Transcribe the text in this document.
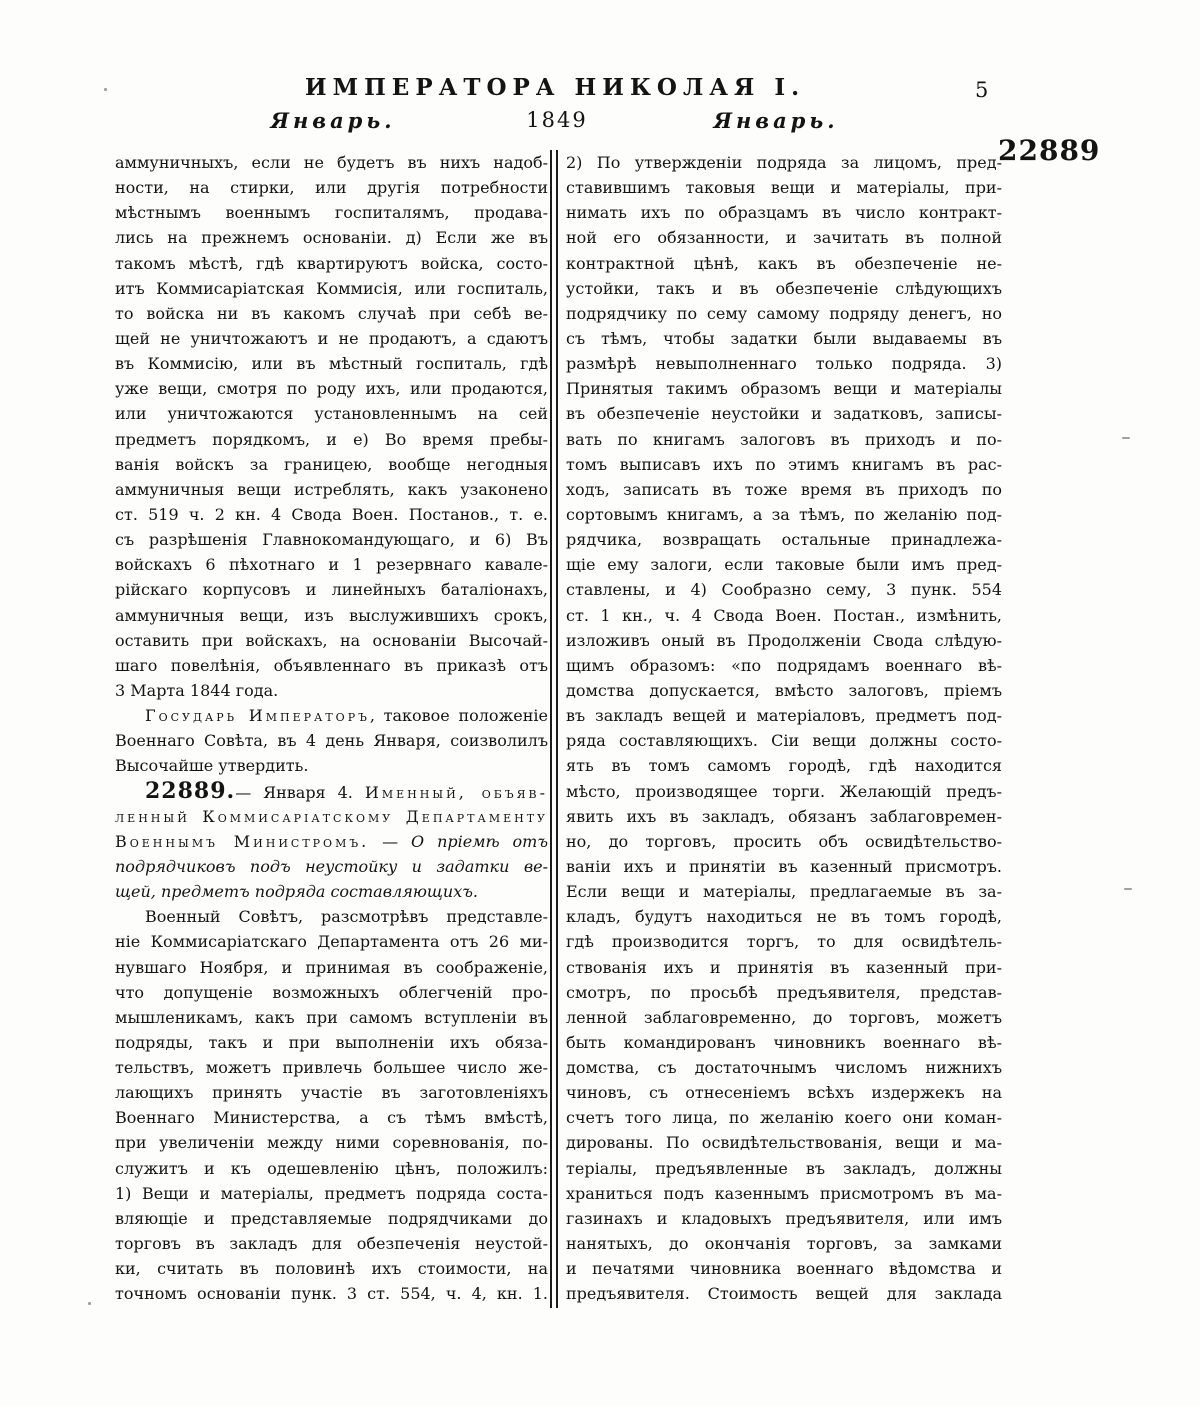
ИМПЕРАТОРА НИКОЛАЯ I.	5
Январь.	1849	Январь.
22889
аммуничныхъ, если не будетъ въ нихъ надоб-
ности, на стирки, или другія потребности
мѣстнымъ военнымъ госпиталямъ, продава-
лись на прежнемъ основаніи. д) Если же въ
такомъ мѣстѣ, гдѣ квартируютъ войска, состо-
итъ Коммисаріатская Коммисія, или госпиталь,
то войска ни въ какомъ случаѣ при себѣ ве-
щей не уничтожаютъ и не продаютъ, а сдаютъ
въ Коммисію, или въ мѣстный госпиталь, гдѣ
уже вещи, смотря по роду ихъ, или продаются,
или уничтожаются установленнымъ на сей
предметъ порядкомъ, и е) Во время пребы-
ванія войскъ за границею, вообще негодныя
аммуничныя вещи истреблять, какъ узаконено
ст. 519 ч. 2 кн. 4 Свода Воен. Постанов., т. е.
съ разрѣшенія Главнокомандующаго, и 6) Въ
войскахъ 6 пѣхотнаго и 1 резервнаго кавале-
рійскаго корпусовъ и линейныхъ баталіонахъ,
аммуничныя вещи, изъ выслужившихъ срокъ,
оставить при войскахъ, на основаніи Высочай-
шаго повелѣнія, объявленнаго въ приказѣ отъ
3 Марта 1844 года.
Государь Императоръ, таковое положеніе
Военнаго Совѣта, въ 4 день Января, соизволилъ
Высочайше утвердить.
22889.— Января 4. Именный, объяв-
ленный Коммисаріатскому Департаменту
Военнымъ Министромъ. — О пріемѣ отъ
подрядчиковъ подъ неустойку и задатки ве-
щей, предметъ подряда составляющихъ.
Военный Совѣтъ, разсмотрѣвъ представле-
ніе Коммисаріатскаго Департамента отъ 26 ми-
нувшаго Ноября, и принимая въ соображеніе,
что допущеніе возможныхъ облегченій про-
мышленикамъ, какъ при самомъ вступленіи въ
подряды, такъ и при выполненіи ихъ обяза-
тельствъ, можетъ привлечь большее число же-
лающихъ принять участіе въ заготовленіяхъ
Военнаго Министерства, а съ тѣмъ вмѣстѣ,
при увеличеніи между ними соревнованія, по-
служитъ и къ одешевленію цѣнъ, положилъ:
1) Вещи и матеріалы, предметъ подряда соста-
вляющіе и представляемые подрядчиками до
торговъ въ закладъ для обезпеченія неустой-
ки, считать въ половинѣ ихъ стоимости, на
точномъ основаніи пунк. 3 ст. 554, ч. 4, кн. 1.
2) По утвержденіи подряда за лицомъ, пред-
ставившимъ таковыя вещи и матеріалы, при-
нимать ихъ по образцамъ въ число контракт-
ной его обязанности, и зачитать въ полной
контрактной цѣнѣ, какъ въ обезпеченіе не-
устойки, такъ и въ обезпеченіе слѣдующихъ
подрядчику по сему самому подряду денегъ, но
съ тѣмъ, чтобы задатки были выдаваемы въ
размѣрѣ невыполненнаго только подряда. 3)
Принятыя такимъ образомъ вещи и матеріалы
въ обезпеченіе неустойки и задатковъ, записы-
вать по книгамъ залоговъ въ приходъ и по-
томъ выписавъ ихъ по этимъ книгамъ въ рас-
ходъ, записать въ тоже время въ приходъ по
сортовымъ книгамъ, а за тѣмъ, по желанію под-
рядчика, возвращать остальные принадлежа-
щіе ему залоги, если таковые были имъ пред-
ставлены, и 4) Сообразно сему, 3 пунк. 554
ст. 1 кн., ч. 4 Свода Воен. Постан., измѣнить,
изложивъ оный въ Продолженіи Свода слѣдую-
щимъ образомъ: «по подрядамъ военнаго вѣ-
домства допускается, вмѣсто залоговъ, пріемъ
въ закладъ вещей и матеріаловъ, предметъ под-
ряда составляющихъ. Сіи вещи должны состо-
ять въ томъ самомъ городѣ, гдѣ находится
мѣсто, производящее торги. Желающій предъ-
явить ихъ въ закладъ, обязанъ заблаговремен-
но, до торговъ, просить объ освидѣтельство-
ваніи ихъ и принятіи въ казенный присмотръ.
Если вещи и матеріалы, предлагаемые въ за-
кладъ, будутъ находиться не въ томъ городѣ,
гдѣ производится торгъ, то для освидѣтель-
ствованія ихъ и принятія въ казенный при-
смотръ, по просьбѣ предъявителя, представ-
ленной заблаговременно, до торговъ, можетъ
быть командированъ чиновникъ военнаго вѣ-
домства, съ достаточнымъ числомъ нижнихъ
чиновъ, съ отнесеніемъ всѣхъ издержекъ на
счетъ того лица, по желанію коего они коман-
дированы. По освидѣтельствованія, вещи и ма-
теріалы, предъявленные въ закладъ, должны
храниться подъ казеннымъ присмотромъ въ ма-
газинахъ и кладовыхъ предъявителя, или имъ
нанятыхъ, до окончанія торговъ, за замками
и печатями чиновника военнаго вѣдомства и
предъявителя. Стоимость вещей для заклада
